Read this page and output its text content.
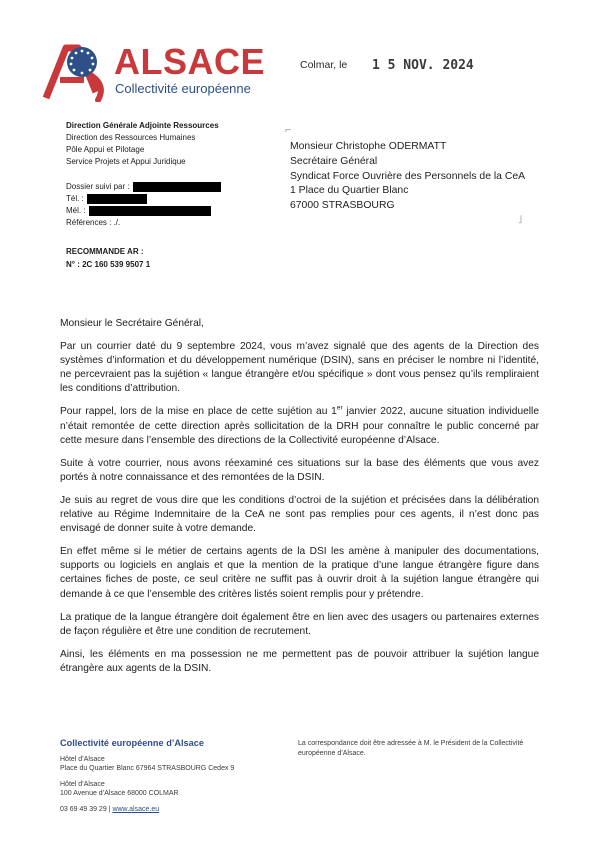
ALSACE
Collectivité européenne
Colmar, le 1 5 NOV. 2024
Direction Générale Adjointe Ressources
Direction des Ressources Humaines
Pôle Appui et Pilotage
Service Projets et Appui Juridique
Dossier suivi par :
Tél. :
Mél. :
Références : ./.
RECOMMANDE AR :
N° : 2C 160 539 9507 1
⌐
˩
Monsieur Christophe ODERMATT
Secrétaire Général
Syndicat Force Ouvrière des Personnels de la CeA
1 Place du Quartier Blanc
67000 STRASBOURG

Monsieur le Secrétaire Général,

Par un courrier daté du 9 septembre 2024, vous m’avez signalé que des agents de la Direction des systèmes d’information et du développement numérique (DSIN), sans en préciser le nombre ni l’identité, ne percevraient pas la sujétion « langue étrangère et/ou spécifique » dont vous pensez qu’ils rempliraient les conditions d’attribution.

Pour rappel, lors de la mise en place de cette sujétion au 1er janvier 2022, aucune situation individuelle n’était remontée de cette direction après sollicitation de la DRH pour connaître le public concerné par cette mesure dans l’ensemble des directions de la Collectivité européenne d’Alsace.

Suite à votre courrier, nous avons réexaminé ces situations sur la base des éléments que vous avez portés à notre connaissance et des remontées de la DSIN.

Je suis au regret de vous dire que les conditions d’octroi de la sujétion et précisées dans la délibération relative au Régime Indemnitaire de la CeA ne sont pas remplies pour ces agents, il n’est donc pas envisagé de donner suite à votre demande.

En effet même si le métier de certains agents de la DSI les amène à manipuler des documentations, supports ou logiciels en anglais et que la mention de la pratique d’une langue étrangère figure dans certaines fiches de poste, ce seul critère ne suffit pas à ouvrir droit à la sujétion langue étrangère qui demande à ce que l’ensemble des critères listés soient remplis pour y prétendre.

La pratique de la langue étrangère doit également être en lien avec des usagers ou partenaires externes de façon régulière et être une condition de recrutement.

Ainsi, les éléments en ma possession ne me permettent pas de pouvoir attribuer la sujétion langue étrangère aux agents de la DSIN.

Collectivité européenne d’Alsace
Hôtel d’Alsace
Place du Quartier Blanc 67964 STRASBOURG Cedex 9
Hôtel d’Alsace
100 Avenue d’Alsace 68000 COLMAR
03 69 49 39 29 | www.alsace.eu
La correspondance doit être adressée à M. le Président de la Collectivité européenne d’Alsace.
